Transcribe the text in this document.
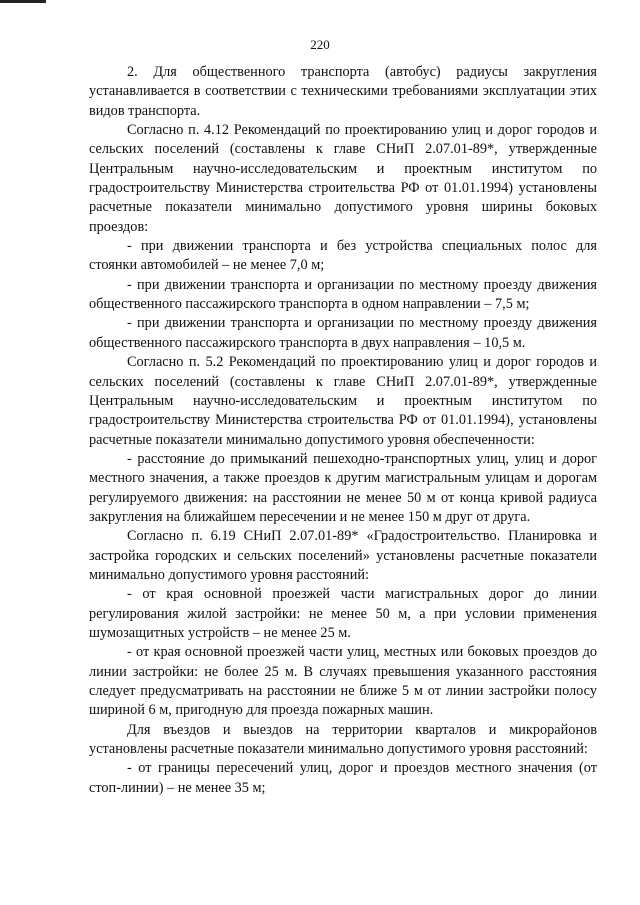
220

2. Для общественного транспорта (автобус) радиусы закругления устанавливается в соответствии с техническими требованиями эксплуатации этих видов транспорта.

Согласно п. 4.12 Рекомендаций по проектированию улиц и дорог городов и сельских поселений (составлены к главе СНиП 2.07.01-89*, утвержденные Центральным научно-исследовательским и проектным институтом по градостроительству Министерства строительства РФ от 01.01.1994) установлены расчетные показатели минимально допустимого уровня ширины боковых проездов:

- при движении транспорта и без устройства специальных полос для стоянки автомобилей – не менее 7,0 м;

- при движении транспорта и организации по местному проезду движения общественного пассажирского транспорта в одном направлении – 7,5 м;

- при движении транспорта и организации по местному проезду движения общественного пассажирского транспорта в двух направления – 10,5 м.

Согласно п. 5.2 Рекомендаций по проектированию улиц и дорог городов и сельских поселений (составлены к главе СНиП 2.07.01-89*, утвержденные Центральным научно-исследовательским и проектным институтом по градостроительству Министерства строительства РФ от 01.01.1994), установлены расчетные показатели минимально допустимого уровня обеспеченности:

- расстояние до примыканий пешеходно-транспортных улиц, улиц и дорог местного значения, а также проездов к другим магистральным улицам и дорогам регулируемого движения: на расстоянии не менее 50 м от конца кривой радиуса закругления на ближайшем пересечении и не менее 150 м друг от друга.

Согласно п. 6.19 СНиП 2.07.01-89* «Градостроительство. Планировка и застройка городских и сельских поселений» установлены расчетные показатели минимально допустимого уровня расстояний:

- от края основной проезжей части магистральных дорог до линии регулирования жилой застройки: не менее 50 м, а при условии применения шумозащитных устройств – не менее 25 м.

- от края основной проезжей части улиц, местных или боковых проездов до линии застройки: не более 25 м. В случаях превышения указанного расстояния следует предусматривать на расстоянии не ближе 5 м от линии застройки полосу шириной 6 м, пригодную для проезда пожарных машин.

Для въездов и выездов на территории кварталов и микрорайонов установлены расчетные показатели минимально допустимого уровня расстояний:

- от границы пересечений улиц, дорог и проездов местного значения (от стоп-линии) – не менее 35 м;
